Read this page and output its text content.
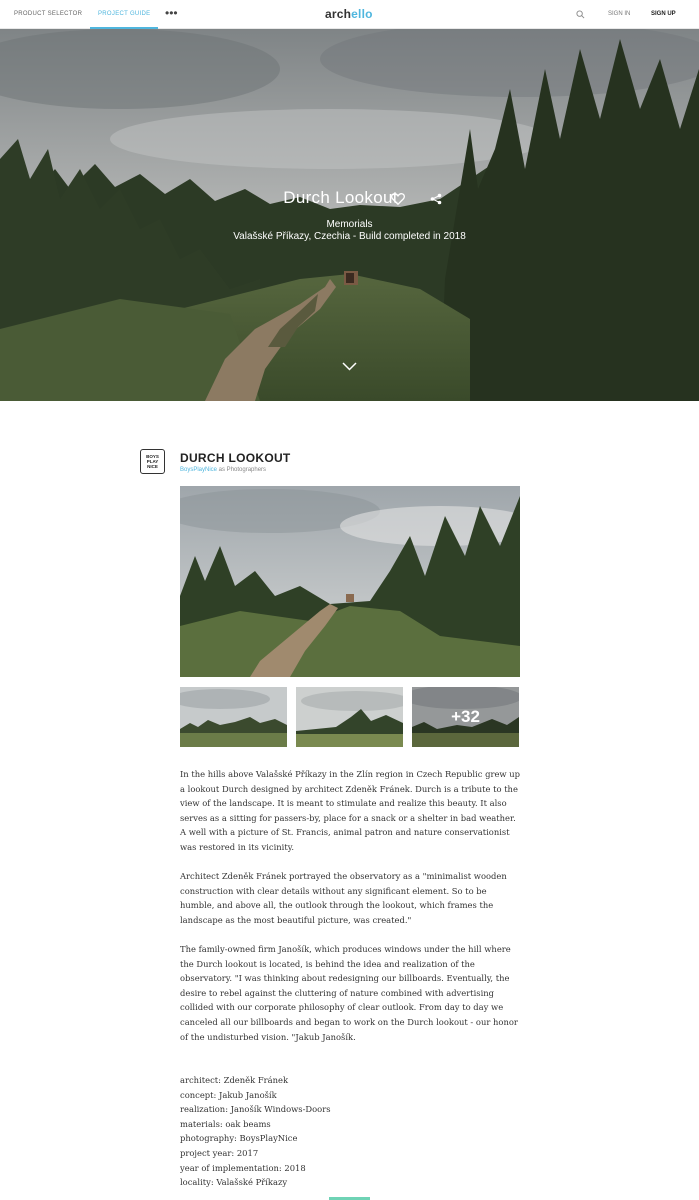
PRODUCT SELECTOR	PROJECT GUIDE	•••	archello	SIGN IN	SIGN UP
Durch Lookout
Memorials
Valašské Příkazy, Czechia - Build completed in 2018
BOYS
PLAY
NICE
DURCH LOOKOUT
BoysPlayNice as Photographers
+32

In the hills above Valašské Příkazy in the Zlín region in Czech Republic grew up a lookout Durch designed by architect Zdeněk Fránek. Durch is a tribute to the view of the landscape. It is meant to stimulate and realize this beauty. It also serves as a sitting for passers-by, place for a snack or a shelter in bad weather. A well with a picture of St. Francis, animal patron and nature conservationist was restored in its vicinity.

Architect Zdeněk Fránek portrayed the observatory as a "minimalist wooden construction with clear details without any significant element. So to be humble, and above all, the outlook through the lookout, which frames the landscape as the most beautiful picture, was created."

The family-owned firm Janošík, which produces windows under the hill where the Durch lookout is located, is behind the idea and realization of the observatory. "I was thinking about redesigning our billboards. Eventually, the desire to rebel against the cluttering of nature combined with advertising collided with our corporate philosophy of clear outlook. From day to day we canceled all our billboards and began to work on the Durch lookout - our honor of the undisturbed vision. "Jakub Janošík.

architect: Zdeněk Fránek
concept: Jakub Janošík
realization: Janošík Windows-Doors
materials: oak beams
photography: BoysPlayNice
project year: 2017
year of implementation: 2018
locality: Valašské Příkazy
